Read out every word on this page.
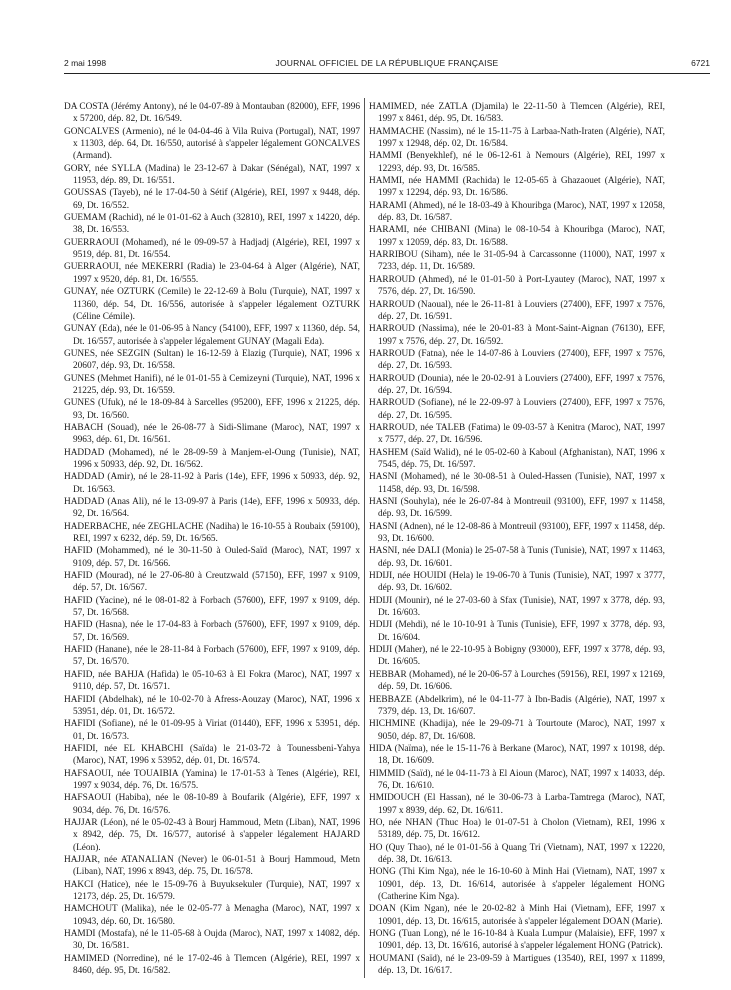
2 mai 1998	JOURNAL OFFICIEL DE LA RÉPUBLIQUE FRANÇAISE	6721

DA COSTA (Jérémy Antony), né le 04-07-89 à Montauban (82000), EFF, 1996 x 57200, dép. 82, Dt. 16/549.

GONCALVES (Armenio), né le 04-04-46 à Vila Ruiva (Portugal), NAT, 1997 x 11303, dép. 64, Dt. 16/550, autorisé à s'appeler légalement GONCALVES (Armand).

GORY, née SYLLA (Madina) le 23-12-67 à Dakar (Sénégal), NAT, 1997 x 11953, dép. 89, Dt. 16/551.

GOUSSAS (Tayeb), né le 17-04-50 à Sétif (Algérie), REI, 1997 x 9448, dép. 69, Dt. 16/552.

GUEMAM (Rachid), né le 01-01-62 à Auch (32810), REI, 1997 x 14220, dép. 38, Dt. 16/553.

GUERRAOUI (Mohamed), né le 09-09-57 à Hadjadj (Algérie), REI, 1997 x 9519, dép. 81, Dt. 16/554.

GUERRAOUI, née MEKERRI (Radia) le 23-04-64 à Alger (Algérie), NAT, 1997 x 9520, dép. 81, Dt. 16/555.

GUNAY, née OZTURK (Cemile) le 22-12-69 à Bolu (Turquie), NAT, 1997 x 11360, dép. 54, Dt. 16/556, autorisée à s'appeler légalement OZTURK (Céline Cémile).

GUNAY (Eda), née le 01-06-95 à Nancy (54100), EFF, 1997 x 11360, dép. 54, Dt. 16/557, autorisée à s'appeler légalement GUNAY (Magali Eda).

GUNES, née SEZGIN (Sultan) le 16-12-59 à Elazig (Turquie), NAT, 1996 x 20607, dép. 93, Dt. 16/558.

GUNES (Mehmet Hanifi), né le 01-01-55 à Cemizeyni (Turquie), NAT, 1996 x 21225, dép. 93, Dt. 16/559.

GUNES (Ufuk), né le 18-09-84 à Sarcelles (95200), EFF, 1996 x 21225, dép. 93, Dt. 16/560.

HABACH (Souad), née le 26-08-77 à Sidi-Slimane (Maroc), NAT, 1997 x 9963, dép. 61, Dt. 16/561.

HADDAD (Mohamed), né le 28-09-59 à Manjem-el-Oung (Tunisie), NAT, 1996 x 50933, dép. 92, Dt. 16/562.

HADDAD (Amir), né le 28-11-92 à Paris (14e), EFF, 1996 x 50933, dép. 92, Dt. 16/563.

HADDAD (Anas Ali), né le 13-09-97 à Paris (14e), EFF, 1996 x 50933, dép. 92, Dt. 16/564.

HADERBACHE, née ZEGHLACHE (Nadiha) le 16-10-55 à Roubaix (59100), REI, 1997 x 6232, dép. 59, Dt. 16/565.

HAFID (Mohammed), né le 30-11-50 à Ouled-Saïd (Maroc), NAT, 1997 x 9109, dép. 57, Dt. 16/566.

HAFID (Mourad), né le 27-06-80 à Creutzwald (57150), EFF, 1997 x 9109, dép. 57, Dt. 16/567.

HAFID (Yacine), né le 08-01-82 à Forbach (57600), EFF, 1997 x 9109, dép. 57, Dt. 16/568.

HAFID (Hasna), née le 17-04-83 à Forbach (57600), EFF, 1997 x 9109, dép. 57, Dt. 16/569.

HAFID (Hanane), née le 28-11-84 à Forbach (57600), EFF, 1997 x 9109, dép. 57, Dt. 16/570.

HAFID, née BAHJA (Hafida) le 05-10-63 à El Fokra (Maroc), NAT, 1997 x 9110, dép. 57, Dt. 16/571.

HAFIDI (Abdelhak), né le 10-02-70 à Afress-Aouzay (Maroc), NAT, 1996 x 53951, dép. 01, Dt. 16/572.

HAFIDI (Sofiane), né le 01-09-95 à Viriat (01440), EFF, 1996 x 53951, dép. 01, Dt. 16/573.

HAFIDI, née EL KHABCHI (Saïda) le 21-03-72 à Tounessbeni-Yahya (Maroc), NAT, 1996 x 53952, dép. 01, Dt. 16/574.

HAFSAOUI, née TOUAIBIA (Yamina) le 17-01-53 à Tenes (Algérie), REI, 1997 x 9034, dép. 76, Dt. 16/575.

HAFSAOUI (Habiba), née le 08-10-89 à Boufarik (Algérie), EFF, 1997 x 9034, dép. 76, Dt. 16/576.

HAJJAR (Léon), né le 05-02-43 à Bourj Hammoud, Metn (Liban), NAT, 1996 x 8942, dép. 75, Dt. 16/577, autorisé à s'appeler légalement HAJARD (Léon).

HAJJAR, née ATANALIAN (Never) le 06-01-51 à Bourj Hammoud, Metn (Liban), NAT, 1996 x 8943, dép. 75, Dt. 16/578.

HAKCI (Hatice), née le 15-09-76 à Buyuksekuler (Turquie), NAT, 1997 x 12173, dép. 25, Dt. 16/579.

HAMCHOUT (Malika), née le 02-05-77 à Menagha (Maroc), NAT, 1997 x 10943, dép. 60, Dt. 16/580.

HAMDI (Mostafa), né le 11-05-68 à Oujda (Maroc), NAT, 1997 x 14082, dép. 30, Dt. 16/581.

HAMIMED (Norredine), né le 17-02-46 à Tlemcen (Algérie), REI, 1997 x 8460, dép. 95, Dt. 16/582.

HAMIMED, née ZATLA (Djamila) le 22-11-50 à Tlemcen (Algérie), REI, 1997 x 8461, dép. 95, Dt. 16/583.

HAMMACHE (Nassim), né le 15-11-75 à Larbaa-Nath-Iraten (Algérie), NAT, 1997 x 12948, dép. 02, Dt. 16/584.

HAMMI (Benyekhlef), né le 06-12-61 à Nemours (Algérie), REI, 1997 x 12293, dép. 93, Dt. 16/585.

HAMMI, née HAMMI (Rachida) le 12-05-65 à Ghazaouet (Algérie), NAT, 1997 x 12294, dép. 93, Dt. 16/586.

HARAMI (Ahmed), né le 18-03-49 à Khouribga (Maroc), NAT, 1997 x 12058, dép. 83, Dt. 16/587.

HARAMI, née CHIBANI (Mina) le 08-10-54 à Khouribga (Maroc), NAT, 1997 x 12059, dép. 83, Dt. 16/588.

HARRIBOU (Siham), née le 31-05-94 à Carcassonne (11000), NAT, 1997 x 7233, dép. 11, Dt. 16/589.

HARROUD (Ahmed), né le 01-01-50 à Port-Lyautey (Maroc), NAT, 1997 x 7576, dép. 27, Dt. 16/590.

HARROUD (Naoual), née le 26-11-81 à Louviers (27400), EFF, 1997 x 7576, dép. 27, Dt. 16/591.

HARROUD (Nassima), née le 20-01-83 à Mont-Saint-Aignan (76130), EFF, 1997 x 7576, dép. 27, Dt. 16/592.

HARROUD (Fatna), née le 14-07-86 à Louviers (27400), EFF, 1997 x 7576, dép. 27, Dt. 16/593.

HARROUD (Dounia), née le 20-02-91 à Louviers (27400), EFF, 1997 x 7576, dép. 27, Dt. 16/594.

HARROUD (Sofiane), né le 22-09-97 à Louviers (27400), EFF, 1997 x 7576, dép. 27, Dt. 16/595.

HARROUD, née TALEB (Fatima) le 09-03-57 à Kenitra (Maroc), NAT, 1997 x 7577, dép. 27, Dt. 16/596.

HASHEM (Saïd Walid), né le 05-02-60 à Kaboul (Afghanistan), NAT, 1996 x 7545, dép. 75, Dt. 16/597.

HASNI (Mohamed), né le 30-08-51 à Ouled-Hassen (Tunisie), NAT, 1997 x 11458, dép. 93, Dt. 16/598.

HASNI (Souhyla), née le 26-07-84 à Montreuil (93100), EFF, 1997 x 11458, dép. 93, Dt. 16/599.

HASNI (Adnen), né le 12-08-86 à Montreuil (93100), EFF, 1997 x 11458, dép. 93, Dt. 16/600.

HASNI, née DALI (Monia) le 25-07-58 à Tunis (Tunisie), NAT, 1997 x 11463, dép. 93, Dt. 16/601.

HDIJI, née HOUIDI (Hela) le 19-06-70 à Tunis (Tunisie), NAT, 1997 x 3777, dép. 93, Dt. 16/602.

HDIJI (Mounir), né le 27-03-60 à Sfax (Tunisie), NAT, 1997 x 3778, dép. 93, Dt. 16/603.

HDIJI (Mehdi), né le 10-10-91 à Tunis (Tunisie), EFF, 1997 x 3778, dép. 93, Dt. 16/604.

HDIJI (Maher), né le 22-10-95 à Bobigny (93000), EFF, 1997 x 3778, dép. 93, Dt. 16/605.

HEBBAR (Mohamed), né le 20-06-57 à Lourches (59156), REI, 1997 x 12169, dép. 59, Dt. 16/606.

HEBBAZE (Abdelkrim), né le 04-11-77 à Ibn-Badis (Algérie), NAT, 1997 x 7379, dép. 13, Dt. 16/607.

HICHMINE (Khadija), née le 29-09-71 à Tourtoute (Maroc), NAT, 1997 x 9050, dép. 87, Dt. 16/608.

HIDA (Naïma), née le 15-11-76 à Berkane (Maroc), NAT, 1997 x 10198, dép. 18, Dt. 16/609.

HIMMID (Saïd), né le 04-11-73 à El Aioun (Maroc), NAT, 1997 x 14033, dép. 76, Dt. 16/610.

HMIDOUCH (El Hassan), né le 30-06-73 à Larba-Tamtrega (Maroc), NAT, 1997 x 8939, dép. 62, Dt. 16/611.

HO, née NHAN (Thuc Hoa) le 01-07-51 à Cholon (Vietnam), REI, 1996 x 53189, dép. 75, Dt. 16/612.

HO (Quy Thao), né le 01-01-56 à Quang Tri (Vietnam), NAT, 1997 x 12220, dép. 38, Dt. 16/613.

HONG (Thi Kim Nga), née le 16-10-60 à Minh Hai (Vietnam), NAT, 1997 x 10901, dép. 13, Dt. 16/614, autorisée à s'appeler légalement HONG (Catherine Kim Nga).

DOAN (Kim Ngan), née le 20-02-82 à Minh Hai (Vietnam), EFF, 1997 x 10901, dép. 13, Dt. 16/615, autorisée à s'appeler légalement DOAN (Marie).

HONG (Tuan Long), né le 16-10-84 à Kuala Lumpur (Malaisie), EFF, 1997 x 10901, dép. 13, Dt. 16/616, autorisé à s'appeler légalement HONG (Patrick).

HOUMANI (Saïd), né le 23-09-59 à Martigues (13540), REI, 1997 x 11899, dép. 13, Dt. 16/617.
